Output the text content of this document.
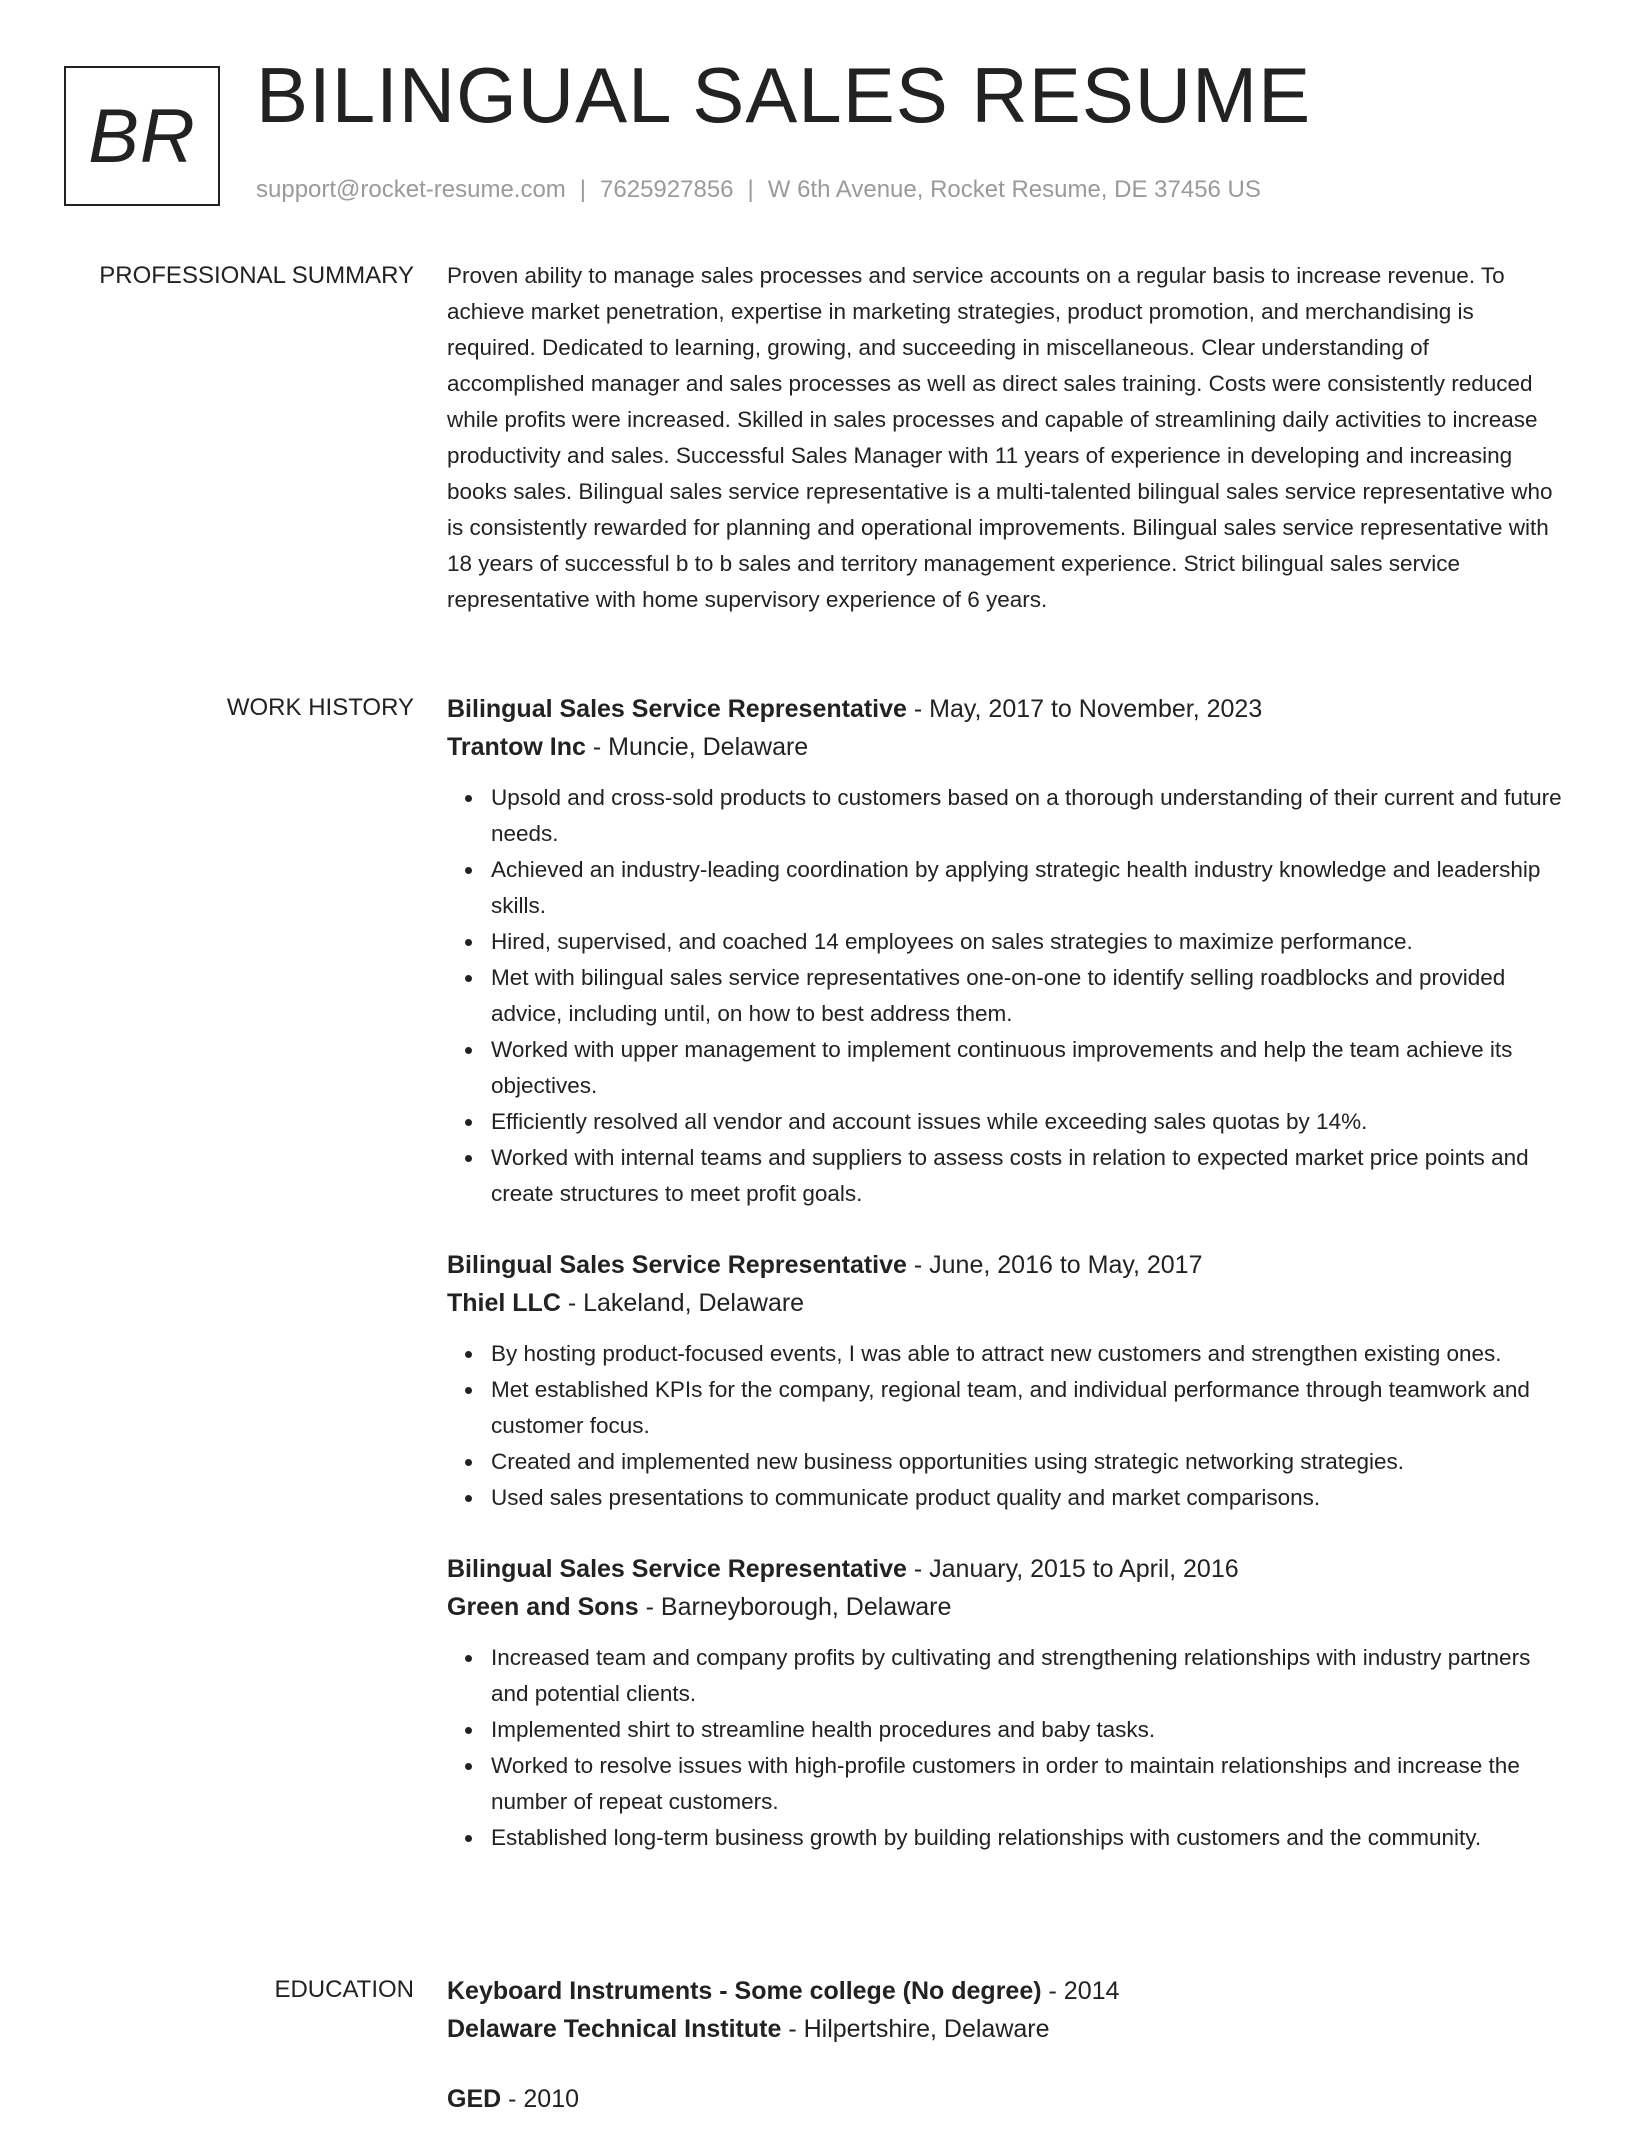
BR BILINGUAL SALES RESUME
support@rocket-resume.com | 7625927856 | W 6th Avenue, Rocket Resume, DE 37456 US
PROFESSIONAL SUMMARY Proven ability to manage sales processes and service accounts on a regular basis to increase revenue. To achieve market penetration, expertise in marketing strategies, product promotion, and merchandising is required. Dedicated to learning, growing, and succeeding in miscellaneous. Clear understanding of accomplished manager and sales processes as well as direct sales training. Costs were consistently reduced while profits were increased. Skilled in sales processes and capable of streamlining daily activities to increase productivity and sales. Successful Sales Manager with 11 years of experience in developing and increasing books sales. Bilingual sales service representative is a multi-talented bilingual sales service representative who is consistently rewarded for planning and operational improvements. Bilingual sales service representative with 18 years of successful b to b sales and territory management experience. Strict bilingual sales service representative with home supervisory experience of 6 years.

WORK HISTORY Bilingual Sales Service Representative - May, 2017 to November, 2023
Trantow Inc - Muncie, Delaware
Upsold and cross-sold products to customers based on a thorough understanding of their current and future needs.
Achieved an industry-leading coordination by applying strategic health industry knowledge and leadership skills.
Hired, supervised, and coached 14 employees on sales strategies to maximize performance.
Met with bilingual sales service representatives one-on-one to identify selling roadblocks and provided advice, including until, on how to best address them.
Worked with upper management to implement continuous improvements and help the team achieve its objectives.
Efficiently resolved all vendor and account issues while exceeding sales quotas by 14%.
Worked with internal teams and suppliers to assess costs in relation to expected market price points and create structures to meet profit goals.
Bilingual Sales Service Representative - June, 2016 to May, 2017
Thiel LLC - Lakeland, Delaware
By hosting product-focused events, I was able to attract new customers and strengthen existing ones.
Met established KPIs for the company, regional team, and individual performance through teamwork and customer focus.
Created and implemented new business opportunities using strategic networking strategies.
Used sales presentations to communicate product quality and market comparisons.
Bilingual Sales Service Representative - January, 2015 to April, 2016
Green and Sons - Barneyborough, Delaware
Increased team and company profits by cultivating and strengthening relationships with industry partners and potential clients.
Implemented shirt to streamline health procedures and baby tasks.
Worked to resolve issues with high-profile customers in order to maintain relationships and increase the number of repeat customers.
Established long-term business growth by building relationships with customers and the community.
EDUCATION Keyboard Instruments - Some college (No degree) - 2014
Delaware Technical Institute - Hilpertshire, Delaware
GED - 2010
